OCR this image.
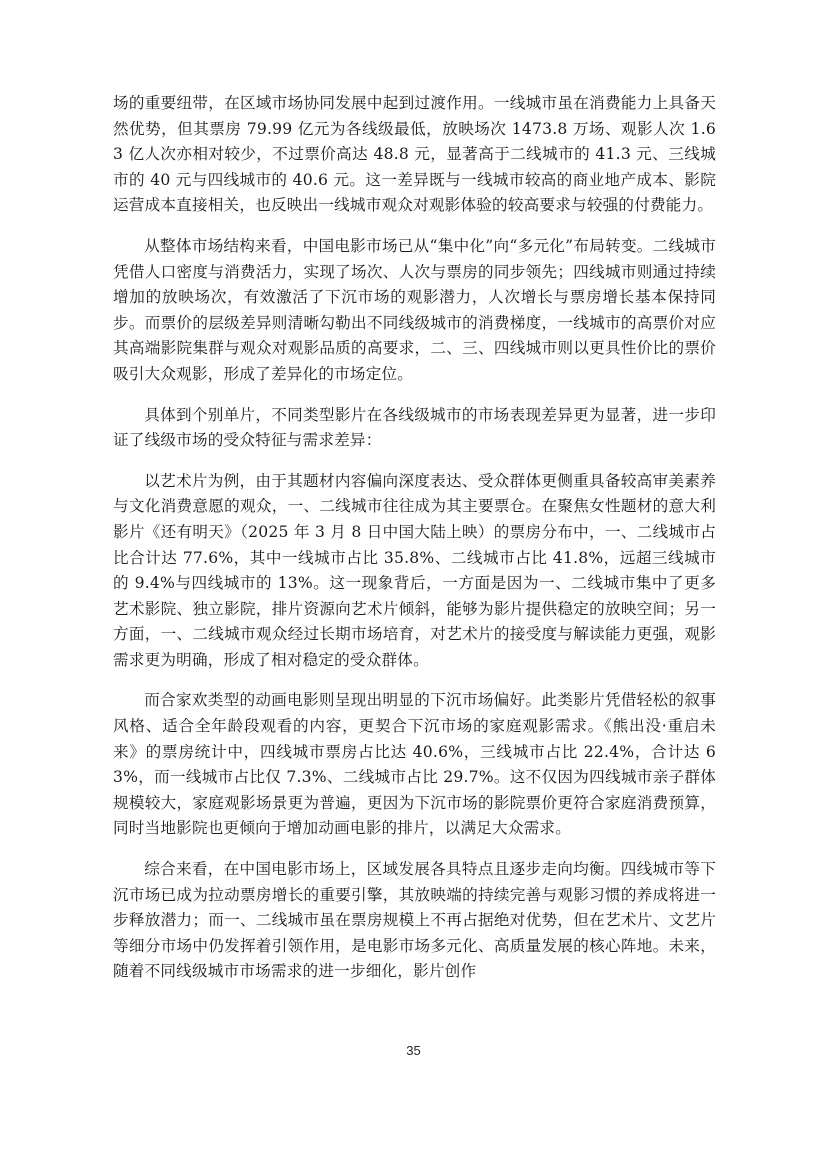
场的重要纽带，在区域市场协同发展中起到过渡作用。一线城市虽在消费能力上具备天然优势，但其票房 79.99 亿元为各线级最低，放映场次 1473.8 万场、观影人次 1.63 亿人次亦相对较少，不过票价高达 48.8 元，显著高于二线城市的 41.3 元、三线城市的 40 元与四线城市的 40.6 元。这一差异既与一线城市较高的商业地产成本、影院运营成本直接相关，也反映出一线城市观众对观影体验的较高要求与较强的付费能力。

从整体市场结构来看，中国电影市场已从“集中化”向“多元化”布局转变。二线城市凭借人口密度与消费活力，实现了场次、人次与票房的同步领先；四线城市则通过持续增加的放映场次，有效激活了下沉市场的观影潜力，人次增长与票房增长基本保持同步。而票价的层级差异则清晰勾勒出不同线级城市的消费梯度，一线城市的高票价对应其高端影院集群与观众对观影品质的高要求，二、三、四线城市则以更具性价比的票价吸引大众观影，形成了差异化的市场定位。

具体到个别单片，不同类型影片在各线级城市的市场表现差异更为显著，进一步印证了线级市场的受众特征与需求差异：

以艺术片为例，由于其题材内容偏向深度表达、受众群体更侧重具备较高审美素养与文化消费意愿的观众，一、二线城市往往成为其主要票仓。在聚焦女性题材的意大利影片《还有明天》（2025 年 3 月 8 日中国大陆上映）的票房分布中，一、二线城市占比合计达 77.6%，其中一线城市占比 35.8%、二线城市占比 41.8%，远超三线城市的 9.4%与四线城市的 13%。这一现象背后，一方面是因为一、二线城市集中了更多艺术影院、独立影院，排片资源向艺术片倾斜，能够为影片提供稳定的放映空间；另一方面，一、二线城市观众经过长期市场培育，对艺术片的接受度与解读能力更强，观影需求更为明确，形成了相对稳定的受众群体。

而合家欢类型的动画电影则呈现出明显的下沉市场偏好。此类影片凭借轻松的叙事风格、适合全年龄段观看的内容，更契合下沉市场的家庭观影需求。《熊出没·重启未来》的票房统计中，四线城市票房占比达 40.6%，三线城市占比 22.4%，合计达 63%，而一线城市占比仅 7.3%、二线城市占比 29.7%。这不仅因为四线城市亲子群体规模较大，家庭观影场景更为普遍，更因为下沉市场的影院票价更符合家庭消费预算，同时当地影院也更倾向于增加动画电影的排片，以满足大众需求。

综合来看，在中国电影市场上，区域发展各具特点且逐步走向均衡。四线城市等下沉市场已成为拉动票房增长的重要引擎，其放映端的持续完善与观影习惯的养成将进一步释放潜力；而一、二线城市虽在票房规模上不再占据绝对优势，但在艺术片、文艺片等细分市场中仍发挥着引领作用，是电影市场多元化、高质量发展的核心阵地。未来，随着不同线级城市市场需求的进一步细化，影片创作

35
